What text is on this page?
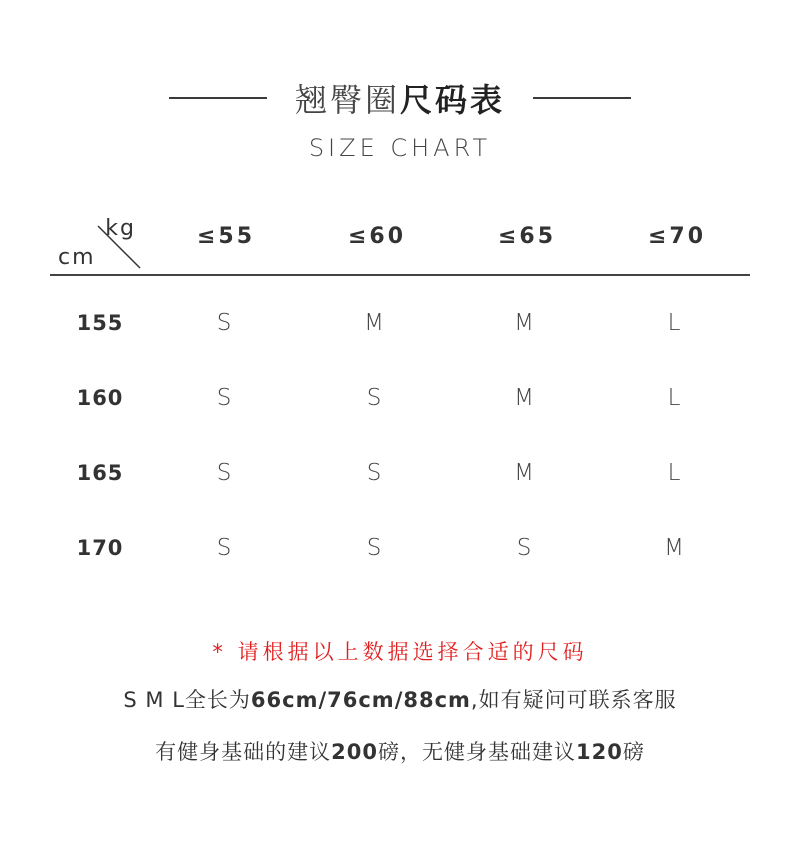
翘臀圈尺码表
SIZE CHART
kg
cm
≤55	≤60	≤65	≤70
155	S	M	M	L
160	S	S	M	L
165	S	S	M	L
170	S	S	S	M
* 请根据以上数据选择合适的尺码
S M L全长为66cm/76cm/88cm,如有疑问可联系客服
有健身基础的建议200磅，无健身基础建议120磅
